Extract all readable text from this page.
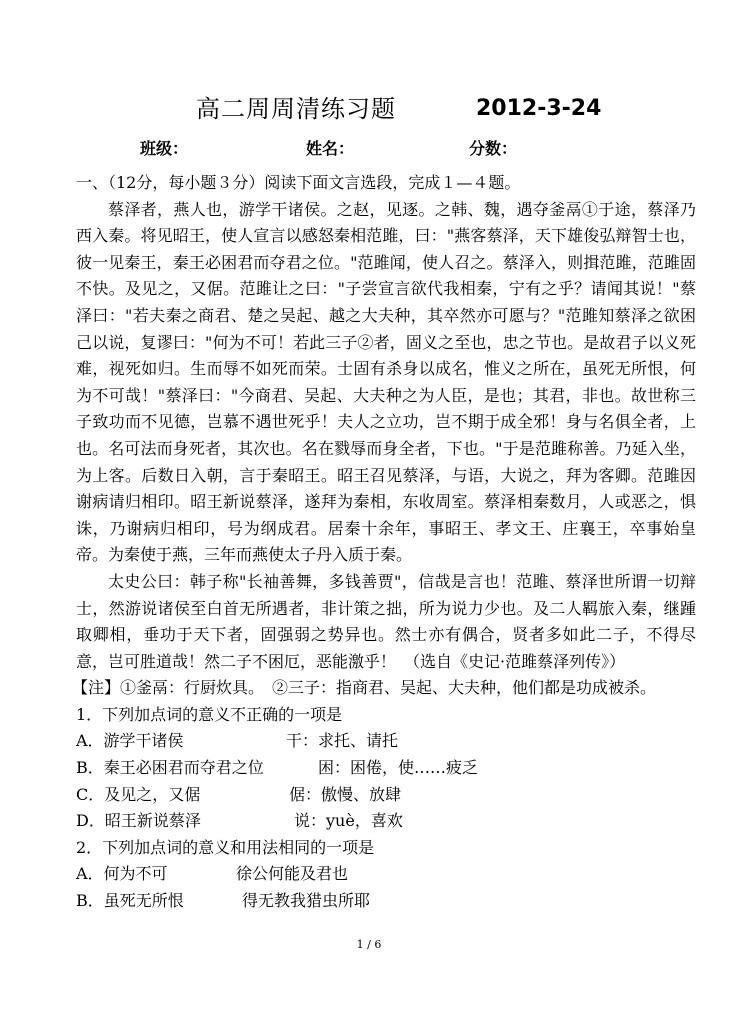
高二周周清练习题	2012-3-24
班级：	姓名：	分数：

一、（12分，每小题３分）阅读下面文言选段，完成１—４题。

蔡泽者，燕人也，游学干诸侯。之赵，见逐。之韩、魏，遇夺釜鬲①于途，蔡泽乃西入秦。将见昭王，使人宣言以感怒秦相范雎，曰："燕客蔡泽，天下雄俊弘辩智士也，彼一见秦王，秦王必困君而夺君之位。"范雎闻，使人召之。蔡泽入，则揖范雎，范雎固不快。及见之，又倨。范雎让之曰："子尝宣言欲代我相秦，宁有之乎？请闻其说！"蔡泽曰："若夫秦之商君、楚之吴起、越之大夫种，其卒然亦可愿与？"范雎知蔡泽之欲困己以说，复谬曰："何为不可！若此三子②者，固义之至也，忠之节也。是故君子以义死难，视死如归。生而辱不如死而荣。士固有杀身以成名，惟义之所在，虽死无所恨，何为不可哉！"蔡泽曰："今商君、吴起、大夫种之为人臣，是也；其君，非也。故世称三子致功而不见德，岂慕不遇世死乎！夫人之立功，岂不期于成全邪！身与名俱全者，上也。名可法而身死者，其次也。名在戮辱而身全者，下也。"于是范雎称善。乃延入坐，为上客。后数日入朝，言于秦昭王。昭王召见蔡泽，与语，大说之，拜为客卿。范雎因谢病请归相印。昭王新说蔡泽，遂拜为秦相，东收周室。蔡泽相秦数月，人或恶之，惧诛，乃谢病归相印，号为纲成君。居秦十余年，事昭王、孝文王、庄襄王，卒事始皇帝。为秦使于燕，三年而燕使太子丹入质于秦。

太史公曰：韩子称"长袖善舞，多钱善贾"，信哉是言也！范雎、蔡泽世所谓一切辩士，然游说诸侯至白首无所遇者，非计策之拙，所为说力少也。及二人羁旅入秦，继踵取卿相，垂功于天下者，固强弱之势异也。然士亦有偶合，贤者多如此二子，不得尽意，岂可胜道哉！然二子不困厄，恶能激乎！　（选自《史记·范雎蔡泽列传》）

【注】①釜鬲：行厨炊具。　②三子：指商君、吴起、大夫种，他们都是功成被杀。

1．下列加点词的意义不正确的一项是

A．游学干诸侯

	干：求托、请托

B．秦王必困君而夺君之位

	困：困倦，使……疲乏

C．及见之，又倨

	倨：傲慢、放肆

D．昭王新说蔡泽

	说：yuè，喜欢

2．下列加点词的意义和用法相同的一项是

A．何为不可

	徐公何能及君也

B．虽死无所恨

	得无教我猎虫所耶

1 / 6
